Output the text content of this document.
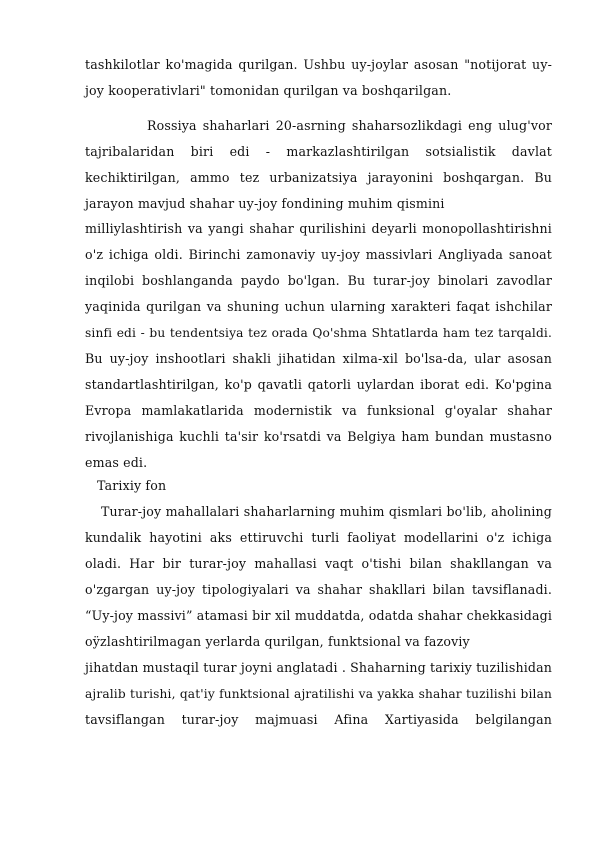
tashkilotlar ko'magida qurilgan. Ushbu uy-joylar asosan "notijorat uy-
joy kooperativlari" tomonidan qurilgan va boshqarilgan.
Rossiya shaharlari 20-asrning shaharsozlikdagi eng ulug'vor
tajribalaridan biri edi - markazlashtirilgan sotsialistik davlat
kechiktirilgan, ammo tez urbanizatsiya jarayonini boshqargan. Bu
jarayon mavjud shahar uy-joy fondining muhim qismini
milliylashtirish va yangi shahar qurilishini deyarli monopollashtirishni
o'z ichiga oldi. Birinchi zamonaviy uy-joy massivlari Angliyada sanoat
inqilobi boshlanganda paydo bo'lgan. Bu turar-joy binolari zavodlar
yaqinida qurilgan va shuning uchun ularning xarakteri faqat ishchilar
sinfi edi - bu tendentsiya tez orada Qo'shma Shtatlarda ham tez tarqaldi.
Bu uy-joy inshootlari shakli jihatidan xilma-xil bo'lsa-da, ular asosan
standartlashtirilgan, ko'p qavatli qatorli uylardan iborat edi. Ko'pgina
Evropa mamlakatlarida modernistik va funksional g'oyalar shahar
rivojlanishiga kuchli ta'sir ko'rsatdi va Belgiya ham bundan mustasno
emas edi.
Tarixiy fon
Turar-joy mahallalari shaharlarning muhim qismlari bo'lib, aholining
kundalik hayotini aks ettiruvchi turli faoliyat modellarini o'z ichiga
oladi. Har bir turar-joy mahallasi vaqt o'tishi bilan shakllangan va
o'zgargan uy-joy tipologiyalari va shahar shakllari bilan tavsiflanadi.
“Uy-joy massivi” atamasi bir xil muddatda, odatda shahar chekkasidagi
oÿzlashtirilmagan yerlarda qurilgan, funktsional va fazoviy
jihatdan mustaqil turar joyni anglatadi . Shaharning tarixiy tuzilishidan
ajralib turishi, qat'iy funktsional ajratilishi va yakka shahar tuzilishi bilan
tavsiflangan turar-joy majmuasi Afina Xartiyasida belgilangan
